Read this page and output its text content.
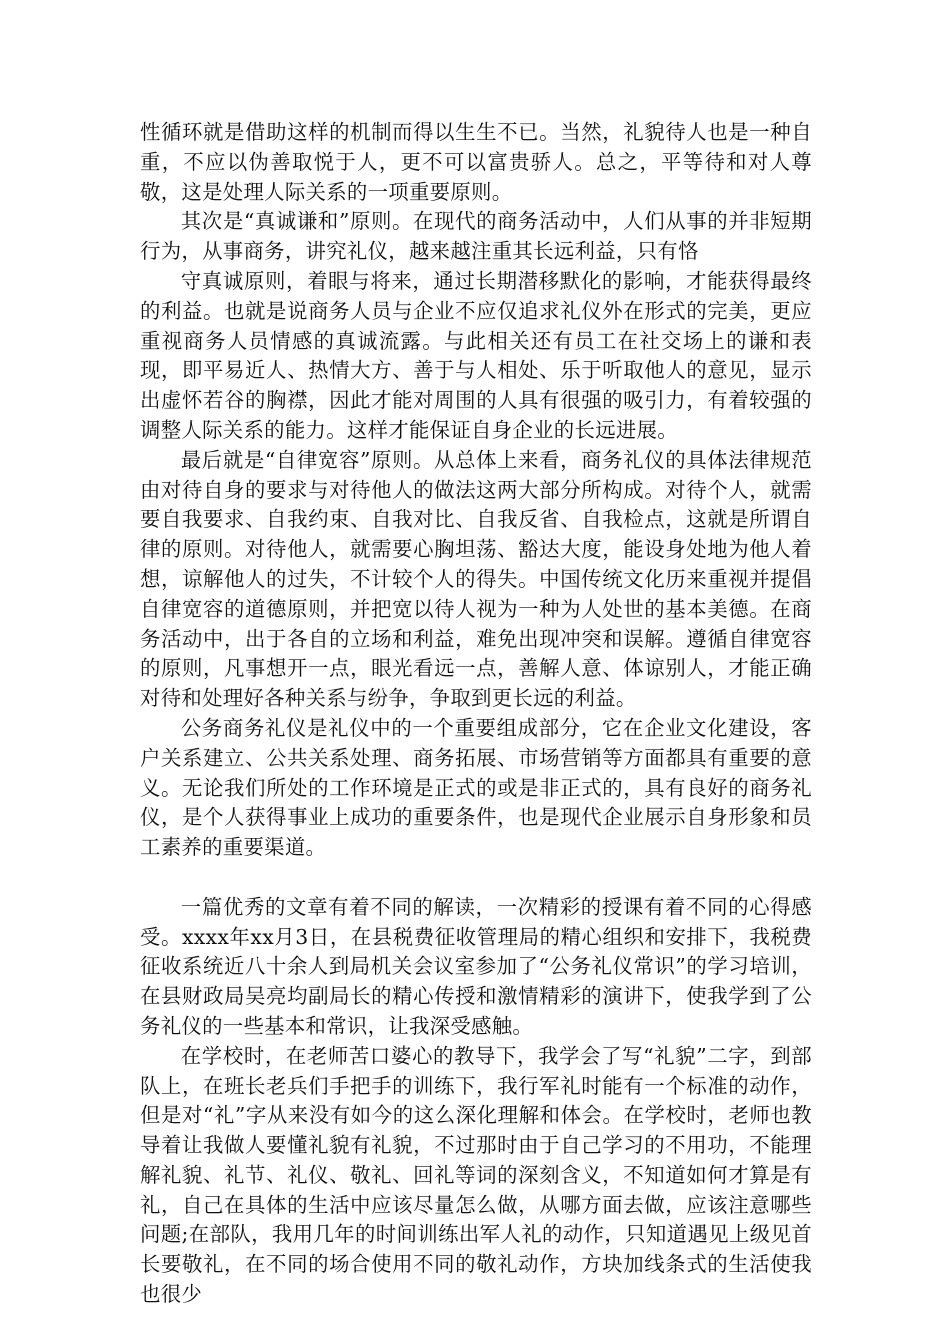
性循环就是借助这样的机制而得以生生不已。当然，礼貌待人也是一种自重，不应以伪善取悦于人，更不可以富贵骄人。总之，平等待和对人尊敬，这是处理人际关系的一项重要原则。

其次是“真诚谦和”原则。在现代的商务活动中，人们从事的并非短期行为，从事商务，讲究礼仪，越来越注重其长远利益，只有恪

守真诚原则，着眼与将来，通过长期潜移默化的影响，才能获得最终的利益。也就是说商务人员与企业不应仅追求礼仪外在形式的完美，更应重视商务人员情感的真诚流露。与此相关还有员工在社交场上的谦和表现，即平易近人、热情大方、善于与人相处、乐于听取他人的意见，显示出虚怀若谷的胸襟，因此才能对周围的人具有很强的吸引力，有着较强的调整人际关系的能力。这样才能保证自身企业的长远进展。

最后就是“自律宽容”原则。从总体上来看，商务礼仪的具体法律规范由对待自身的要求与对待他人的做法这两大部分所构成。对待个人，就需要自我要求、自我约束、自我对比、自我反省、自我检点，这就是所谓自律的原则。对待他人，就需要心胸坦荡、豁达大度，能设身处地为他人着想，谅解他人的过失，不计较个人的得失。中国传统文化历来重视并提倡自律宽容的道德原则，并把宽以待人视为一种为人处世的基本美德。在商务活动中，出于各自的立场和利益，难免出现冲突和误解。遵循自律宽容的原则，凡事想开一点，眼光看远一点，善解人意、体谅别人，才能正确对待和处理好各种关系与纷争，争取到更长远的利益。

公务商务礼仪是礼仪中的一个重要组成部分，它在企业文化建设，客户关系建立、公共关系处理、商务拓展、市场营销等方面都具有重要的意义。无论我们所处的工作环境是正式的或是非正式的，具有良好的商务礼仪，是个人获得事业上成功的重要条件，也是现代企业展示自身形象和员工素养的重要渠道。

一篇优秀的文章有着不同的解读，一次精彩的授课有着不同的心得感受。xxxx年xx月3日，在县税费征收管理局的精心组织和安排下，我税费征收系统近八十余人到局机关会议室参加了“公务礼仪常识”的学习培训，在县财政局吴亮均副局长的精心传授和激情精彩的演讲下，使我学到了公务礼仪的一些基本和常识，让我深受感触。

在学校时，在老师苦口婆心的教导下，我学会了写“礼貌”二字，到部队上，在班长老兵们手把手的训练下，我行军礼时能有一个标准的动作，但是对“礼”字从来没有如今的这么深化理解和体会。在学校时，老师也教导着让我做人要懂礼貌有礼貌，不过那时由于自己学习的不用功，不能理解礼貌、礼节、礼仪、敬礼、回礼等词的深刻含义，不知道如何才算是有礼，自己在具体的生活中应该尽量怎么做，从哪方面去做，应该注意哪些问题;在部队，我用几年的时间训练出军人礼的动作，只知道遇见上级见首长要敬礼，在不同的场合使用不同的敬礼动作，方块加线条式的生活使我也很少
